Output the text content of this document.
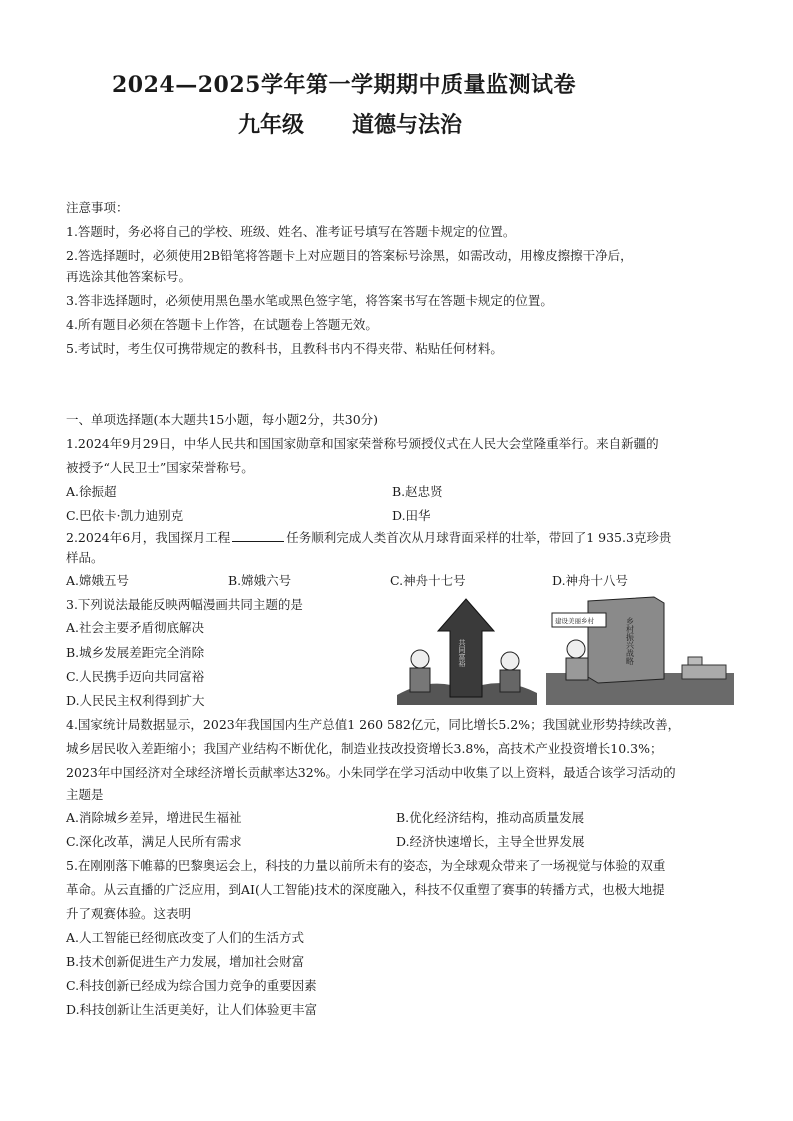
2024—2025学年第一学期期中质量监测试卷
九年级 道德与法治
注意事项：
1.答题时，务必将自己的学校、班级、姓名、准考证号填写在答题卡规定的位置。
2.答选择题时，必须使用2B铅笔将答题卡上对应题目的答案标号涂黑，如需改动，用橡皮擦擦干净后，
再选涂其他答案标号。
3.答非选择题时，必须使用黑色墨水笔或黑色签字笔，将答案书写在答题卡规定的位置。
4.所有题目必须在答题卡上作答，在试题卷上答题无效。
5.考试时，考生仅可携带规定的教科书，且教科书内不得夹带、粘贴任何材料。
一、单项选择题(本大题共15小题，每小题2分，共30分)
1.2024年9月29日，中华人民共和国国家勋章和国家荣誉称号颁授仪式在人民大会堂隆重举行。来自新疆的
被授予“人民卫士”国家荣誉称号。
A.徐振超	B.赵忠贤
C.巴依卡·凯力迪别克	D.田华
2.2024年6月，我国探月工程	任务顺利完成人类首次从月球背面采样的壮举，带回了1 935.3克珍贵
样品。
A.嫦娥五号	B.嫦娥六号	C.神舟十七号	D.神舟十八号
3.下列说法最能反映两幅漫画共同主题的是
A.社会主要矛盾彻底解决
B.城乡发展差距完全消除
C.人民携手迈向共同富裕
D.人民民主权利得到扩大
共同富裕	乡村振兴战略
建设美丽乡村
4.国家统计局数据显示，2023年我国国内生产总值1 260 582亿元，同比增长5.2%；我国就业形势持续改善，
城乡居民收入差距缩小；我国产业结构不断优化，制造业技改投资增长3.8%，高技术产业投资增长10.3%；
2023年中国经济对全球经济增长贡献率达32%。小朱同学在学习活动中收集了以上资料，最适合该学习活动的
主题是
A.消除城乡差异，增进民生福祉	B.优化经济结构，推动高质量发展
C.深化改革，满足人民所有需求	D.经济快速增长，主导全世界发展
5.在刚刚落下帷幕的巴黎奥运会上，科技的力量以前所未有的姿态，为全球观众带来了一场视觉与体验的双重
革命。从云直播的广泛应用，到AI(人工智能)技术的深度融入，科技不仅重塑了赛事的转播方式，也极大地提
升了观赛体验。这表明
A.人工智能已经彻底改变了人们的生活方式
B.技术创新促进生产力发展，增加社会财富
C.科技创新已经成为综合国力竞争的重要因素
D.科技创新让生活更美好，让人们体验更丰富
